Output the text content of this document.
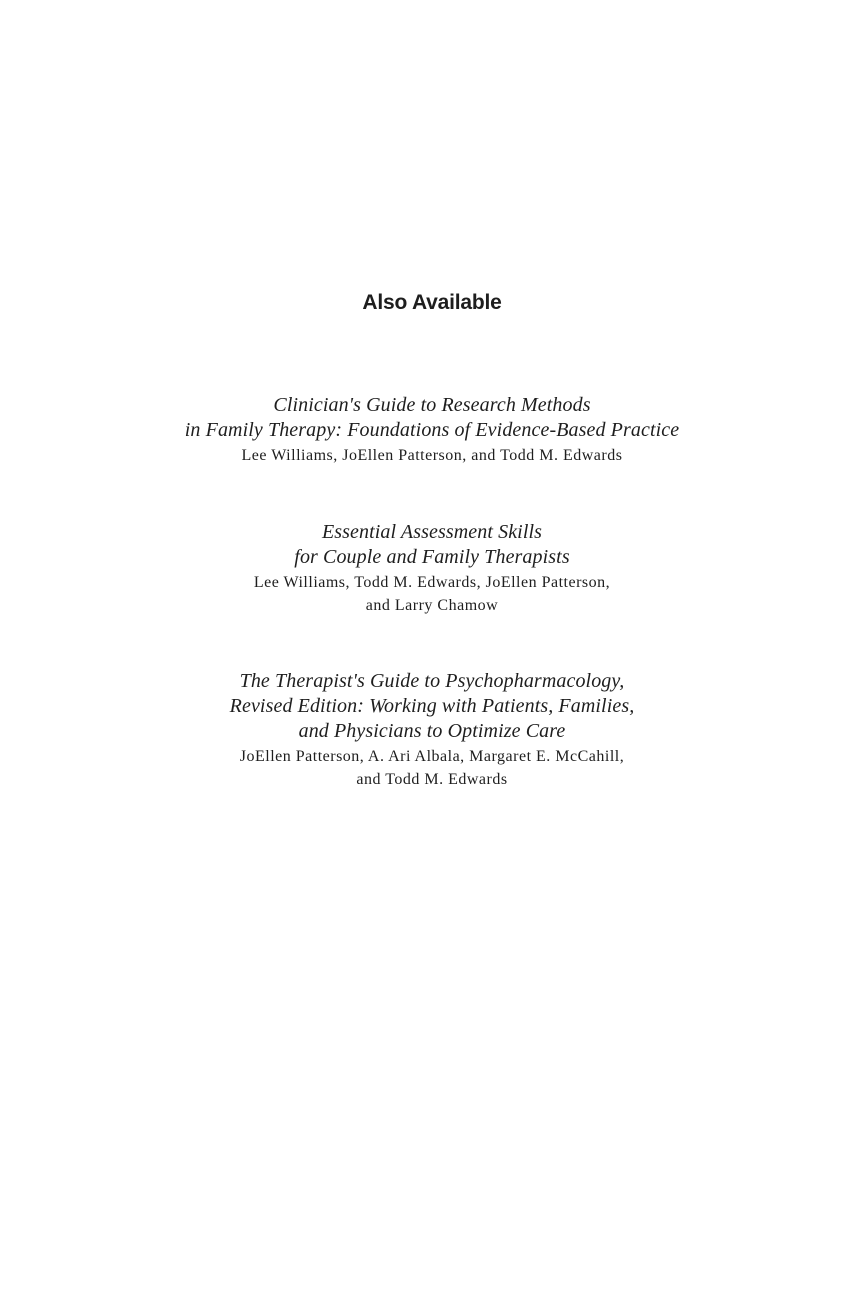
Also Available
Clinician's Guide to Research Methods
in Family Therapy: Foundations of Evidence-Based Practice
Lee Williams, JoEllen Patterson, and Todd M. Edwards
Essential Assessment Skills
for Couple and Family Therapists
Lee Williams, Todd M. Edwards, JoEllen Patterson,
and Larry Chamow
The Therapist's Guide to Psychopharmacology,
Revised Edition: Working with Patients, Families,
and Physicians to Optimize Care
JoEllen Patterson, A. Ari Albala, Margaret E. McCahill,
and Todd M. Edwards
